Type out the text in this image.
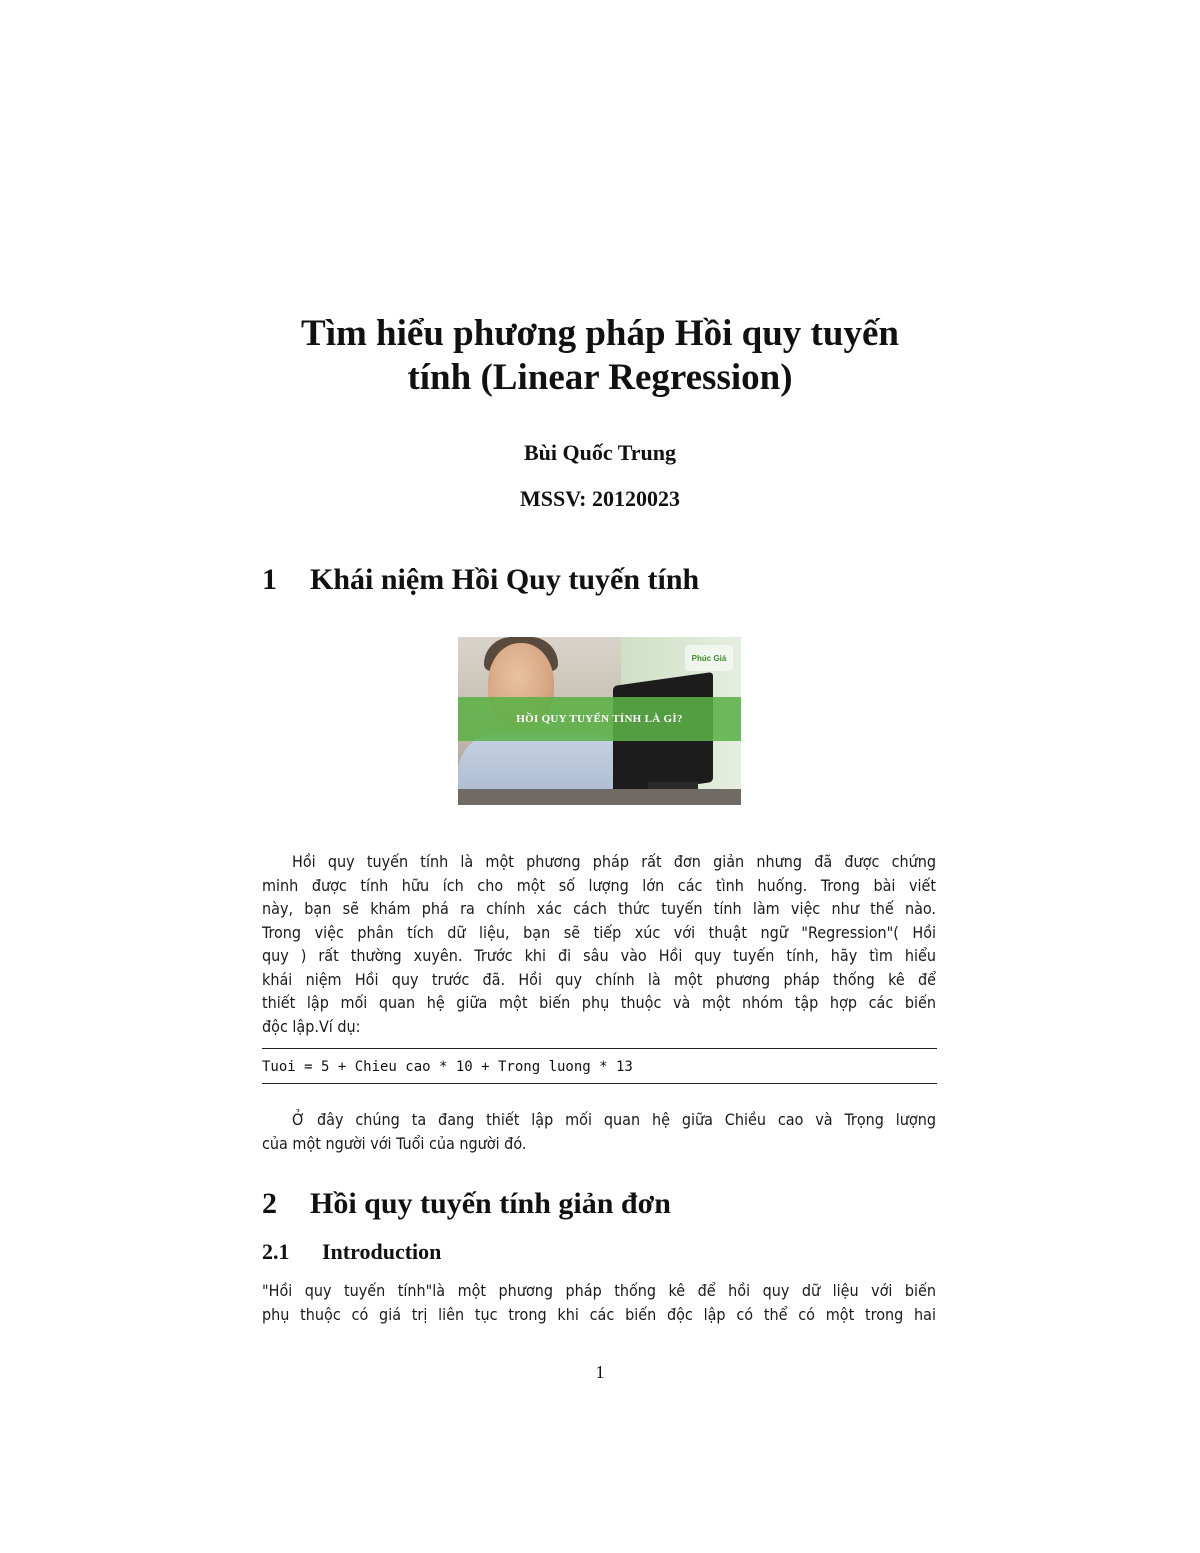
Tìm hiểu phương pháp Hồi quy tuyến
tính (Linear Regression)
Bùi Quốc Trung
MSSV: 20120023
1 Khái niệm Hồi Quy tuyến tính
Phúc Giá
HỒI QUY TUYẾN TÍNH LÀ GÌ?
Hồi quy tuyến tính là một phương pháp rất đơn giản nhưng đã được chứng
minh được tính hữu ích cho một số lượng lớn các tình huống. Trong bài viết
này, bạn sẽ khám phá ra chính xác cách thức tuyến tính làm việc như thế nào.
Trong việc phân tích dữ liệu, bạn sẽ tiếp xúc với thuật ngữ "Regression"( Hồi
quy ) rất thường xuyên. Trước khi đi sâu vào Hồi quy tuyến tính, hãy tìm hiểu
khái niệm Hồi quy trước đã. Hồi quy chính là một phương pháp thống kê để
thiết lập mối quan hệ giữa một biến phụ thuộc và một nhóm tập hợp các biến
độc lập.Ví dụ:
Tuoi = 5 + Chieu cao * 10 + Trong luong * 13
Ở đây chúng ta đang thiết lập mối quan hệ giữa Chiều cao và Trọng lượng
của một người với Tuổi của người đó.
2 Hồi quy tuyến tính giản đơn
2.1 Introduction
"Hồi quy tuyến tính"là một phương pháp thống kê để hồi quy dữ liệu với biến
phụ thuộc có giá trị liên tục trong khi các biến độc lập có thể có một trong hai
1
